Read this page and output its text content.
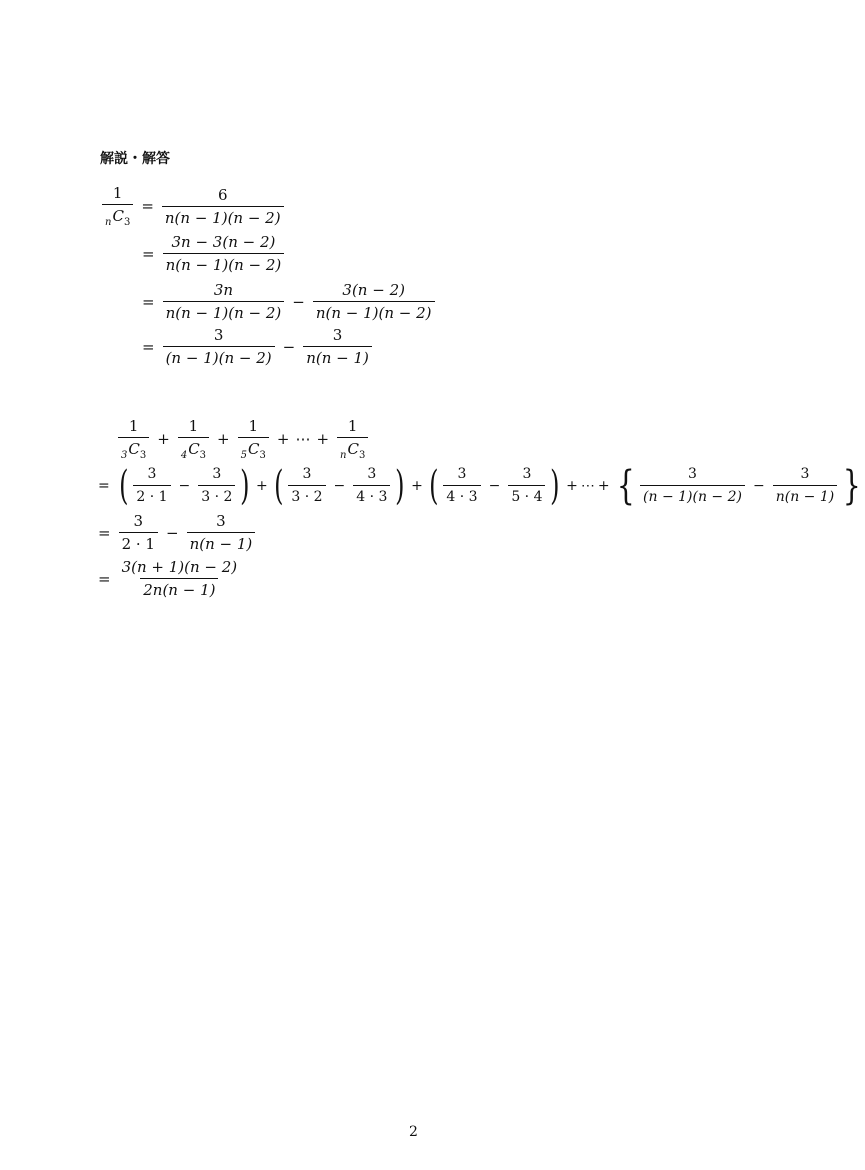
解説・解答
$\frac{1}{_nC_3} = \frac{6}{n(n - 1)(n - 2)}$
= $\frac{3n - 3(n - 2)}{n(n - 1)(n - 2)}$
= $\frac{3n}{n(n - 1)(n - 2)} - \frac{3(n - 2)}{n(n - 1)(n - 2)}$
= $\frac{3}{(n - 1)(n - 2)} - \frac{3}{n(n - 1)}$
$\frac{1}{_3C_3} + \frac{1}{_4C_3} + \frac{1}{_5C_3}$ + ⋯ + $\frac{1}{_nC_3}$
= ( $\frac{3}{2 \cdot 1} - \frac{3}{3 \cdot 2}$ ) + ( $\frac{3}{3 \cdot 2} - \frac{3}{4 \cdot 3}$ ) + ( $\frac{3}{4 \cdot 3} - \frac{3}{5 \cdot 4}$ ) + ⋯ + { $\frac{3}{(n - 1)(n - 2)} - \frac{3}{n(n - 1)}$ }
= $\frac{3}{2 \cdot 1} - \frac{3}{n(n - 1)}$
= $\frac{3(n + 1)(n - 2)}{2n(n - 1)}$
2
